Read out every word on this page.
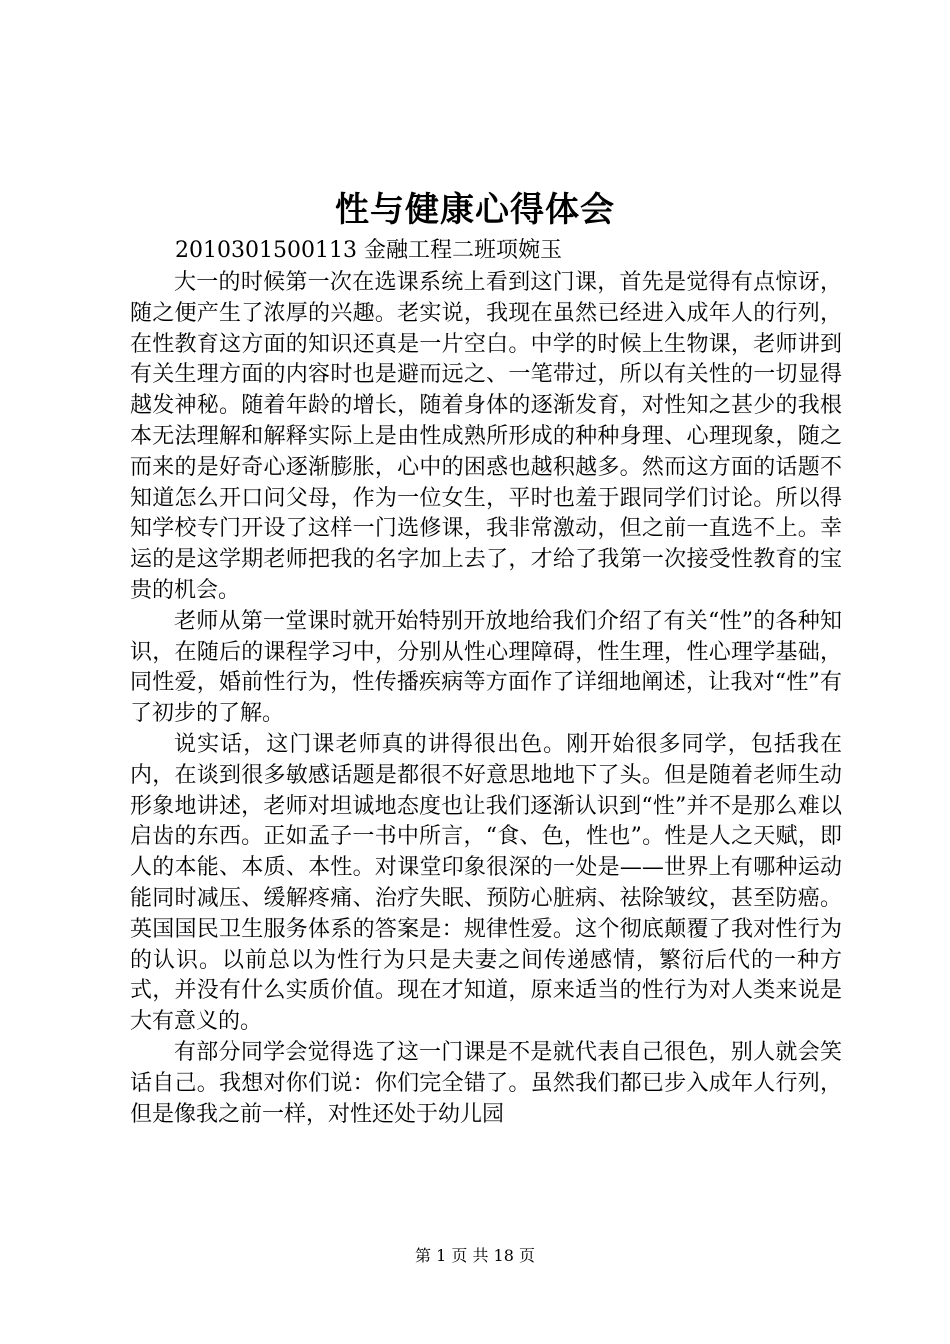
性与健康心得体会
2010301500113 金融工程二班项婉玉

大一的时候第一次在选课系统上看到这门课，首先是觉得有点惊讶，随之便产生了浓厚的兴趣。老实说，我现在虽然已经进入成年人的行列，在性教育这方面的知识还真是一片空白。中学的时候上生物课，老师讲到有关生理方面的内容时也是避而远之、一笔带过，所以有关性的一切显得越发神秘。随着年龄的增长，随着身体的逐渐发育，对性知之甚少的我根本无法理解和解释实际上是由性成熟所形成的种种身理、心理现象，随之而来的是好奇心逐渐膨胀，心中的困惑也越积越多。然而这方面的话题不知道怎么开口问父母，作为一位女生，平时也羞于跟同学们讨论。所以得知学校专门开设了这样一门选修课，我非常激动，但之前一直选不上。幸运的是这学期老师把我的名字加上去了，才给了我第一次接受性教育的宝贵的机会。

老师从第一堂课时就开始特别开放地给我们介绍了有关“性”的各种知识，在随后的课程学习中，分别从性心理障碍，性生理，性心理学基础，同性爱，婚前性行为，性传播疾病等方面作了详细地阐述，让我对“性”有了初步的了解。

说实话，这门课老师真的讲得很出色。刚开始很多同学，包括我在内，在谈到很多敏感话题是都很不好意思地地下了头。但是随着老师生动形象地讲述，老师对坦诚地态度也让我们逐渐认识到“性”并不是那么难以启齿的东西。正如孟子一书中所言，“食、色，性也”。性是人之天赋，即人的本能、本质、本性。对课堂印象很深的一处是——世界上有哪种运动能同时减压、缓解疼痛、治疗失眠、预防心脏病、祛除皱纹，甚至防癌。英国国民卫生服务体系的答案是：规律性爱。这个彻底颠覆了我对性行为的认识。以前总以为性行为只是夫妻之间传递感情，繁衍后代的一种方式，并没有什么实质价值。现在才知道，原来适当的性行为对人类来说是大有意义的。

有部分同学会觉得选了这一门课是不是就代表自己很色，别人就会笑话自己。我想对你们说：你们完全错了。虽然我们都已步入成年人行列，但是像我之前一样，对性还处于幼儿园

第 1 页 共 18 页
